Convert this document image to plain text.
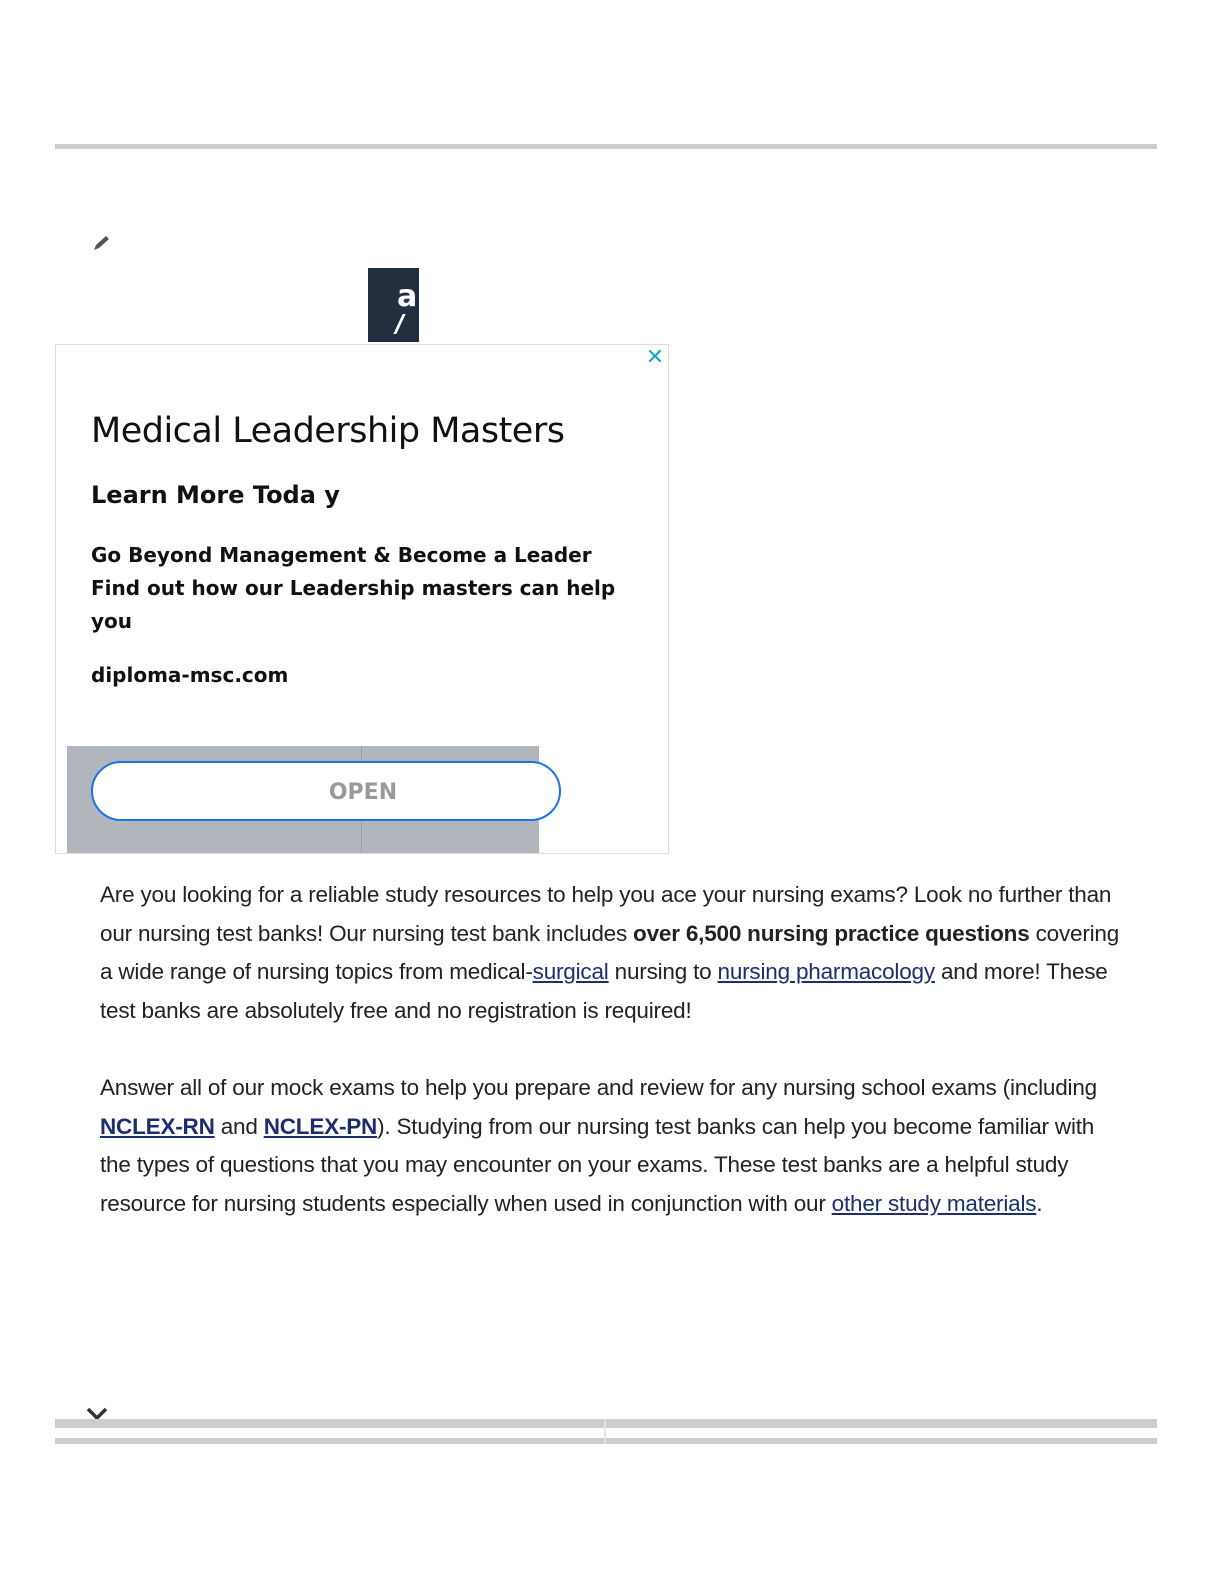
a
✕
Medical Leadership Masters
Learn More Toda y

Go Beyond Management & Become a Leader
Find out how our Leadership masters can help
you

diploma-msc.com
OPEN

Are you looking for a reliable study resources to help you ace your nursing exams? Look no further than our nursing test banks! Our nursing test bank includes over 6,500 nursing practice questions covering a wide range of nursing topics from medical-surgical nursing to nursing pharmacology and more! These test banks are absolutely free and no registration is required!

Answer all of our mock exams to help you prepare and review for any nursing school exams (including NCLEX-RN and NCLEX-PN). Studying from our nursing test banks can help you become familiar with the types of questions that you may encounter on your exams. These test banks are a helpful study resource for nursing students especially when used in conjunction with our other study materials.
